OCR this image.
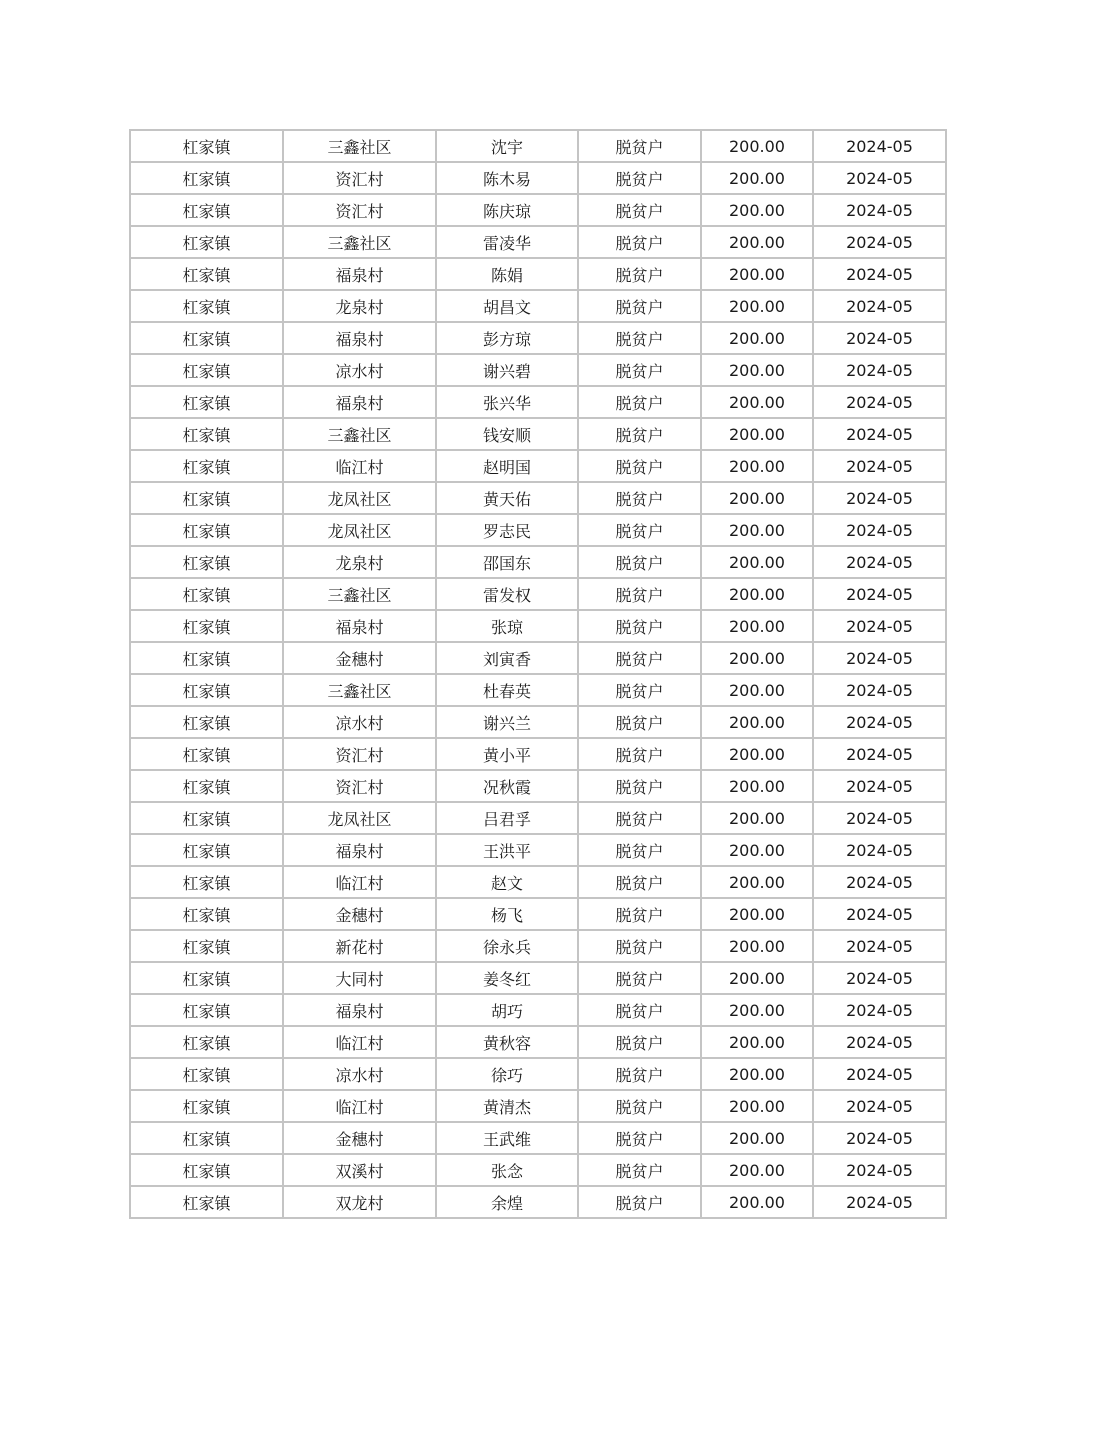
杠家镇	三鑫社区	沈宇	脱贫户	200.00	2024-05
杠家镇	资汇村	陈木易	脱贫户	200.00	2024-05
杠家镇	资汇村	陈庆琼	脱贫户	200.00	2024-05
杠家镇	三鑫社区	雷凌华	脱贫户	200.00	2024-05
杠家镇	福泉村	陈娟	脱贫户	200.00	2024-05
杠家镇	龙泉村	胡昌文	脱贫户	200.00	2024-05
杠家镇	福泉村	彭方琼	脱贫户	200.00	2024-05
杠家镇	凉水村	谢兴碧	脱贫户	200.00	2024-05
杠家镇	福泉村	张兴华	脱贫户	200.00	2024-05
杠家镇	三鑫社区	钱安顺	脱贫户	200.00	2024-05
杠家镇	临江村	赵明国	脱贫户	200.00	2024-05
杠家镇	龙凤社区	黄天佑	脱贫户	200.00	2024-05
杠家镇	龙凤社区	罗志民	脱贫户	200.00	2024-05
杠家镇	龙泉村	邵国东	脱贫户	200.00	2024-05
杠家镇	三鑫社区	雷发权	脱贫户	200.00	2024-05
杠家镇	福泉村	张琼	脱贫户	200.00	2024-05
杠家镇	金穗村	刘寅香	脱贫户	200.00	2024-05
杠家镇	三鑫社区	杜春英	脱贫户	200.00	2024-05
杠家镇	凉水村	谢兴兰	脱贫户	200.00	2024-05
杠家镇	资汇村	黄小平	脱贫户	200.00	2024-05
杠家镇	资汇村	况秋霞	脱贫户	200.00	2024-05
杠家镇	龙凤社区	吕君孚	脱贫户	200.00	2024-05
杠家镇	福泉村	王洪平	脱贫户	200.00	2024-05
杠家镇	临江村	赵文	脱贫户	200.00	2024-05
杠家镇	金穗村	杨飞	脱贫户	200.00	2024-05
杠家镇	新花村	徐永兵	脱贫户	200.00	2024-05
杠家镇	大同村	姜冬红	脱贫户	200.00	2024-05
杠家镇	福泉村	胡巧	脱贫户	200.00	2024-05
杠家镇	临江村	黄秋容	脱贫户	200.00	2024-05
杠家镇	凉水村	徐巧	脱贫户	200.00	2024-05
杠家镇	临江村	黄清杰	脱贫户	200.00	2024-05
杠家镇	金穗村	王武维	脱贫户	200.00	2024-05
杠家镇	双溪村	张念	脱贫户	200.00	2024-05
杠家镇	双龙村	余煌	脱贫户	200.00	2024-05
